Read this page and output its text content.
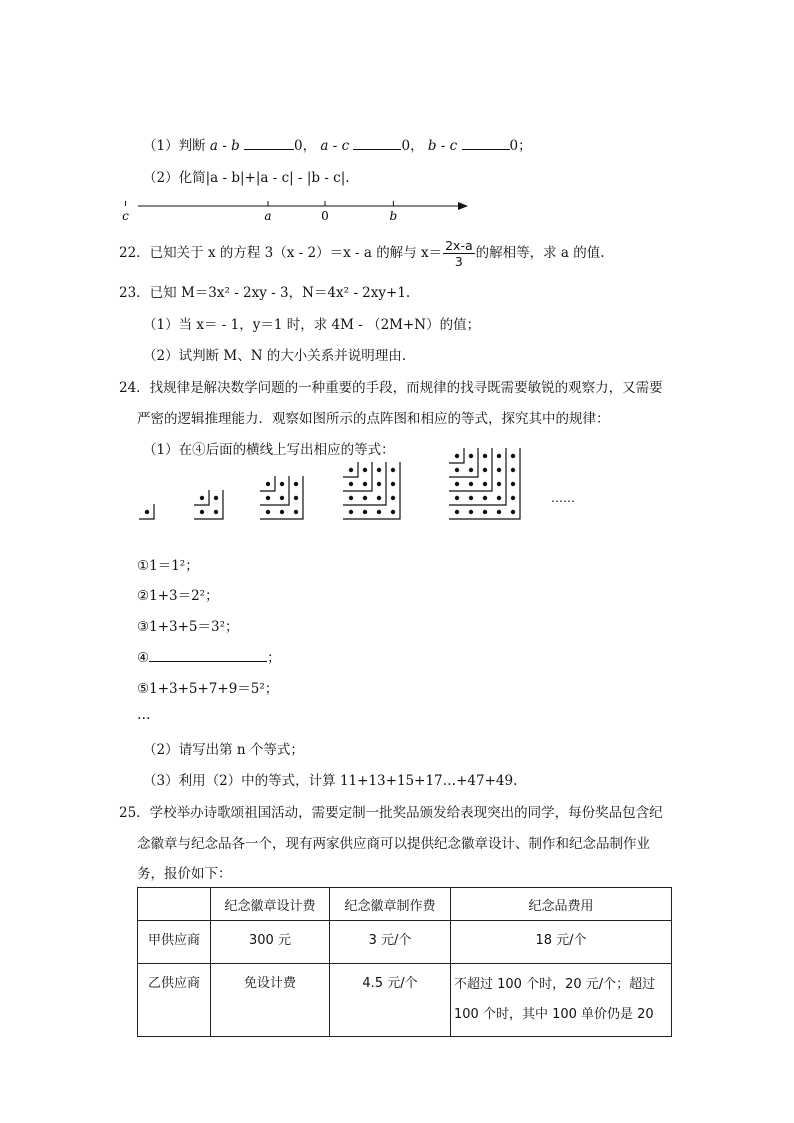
（1）判断 a - b	0， a - c	0， b - c	0；
（2）化简|a - b|+|a - c| - |b - c|.
c	a	0	b
22．已知关于 x 的方程 3（x - 2）＝x - a 的解与 $x= \frac{2x-a}{3}$ 的解相等，求 a 的值.
23．已知 M＝3x² - 2xy - 3，N＝4x² - 2xy+1.
（1）当 x＝ - 1，y＝1 时，求 4M - （2M+N）的值；
（2）试判断 M、N 的大小关系并说明理由.
24．找规律是解决数学问题的一种重要的手段，而规律的找寻既需要敏锐的观察力，又需要
严密的逻辑推理能力．观察如图所示的点阵图和相应的等式，探究其中的规律：
（1）在④后面的横线上写出相应的等式：
……
①1＝1²；
②1+3＝2²；
③1+3+5＝3²；
④	；
⑤1+3+5+7+9＝5²；
…
（2）请写出第 n 个等式；
（3）利用（2）中的等式，计算 11+13+15+17…+47+49.
25．学校举办诗歌颂祖国活动，需要定制一批奖品颁发给表现突出的同学，每份奖品包含纪
念徽章与纪念品各一个，现有两家供应商可以提供纪念徽章设计、制作和纪念品制作业
务，报价如下：
	纪念徽章设计费	纪念徽章制作费	纪念品费用
甲供应商	300 元	3 元/个	18 元/个
乙供应商	免设计费	4.5 元/个	不超过 100 个时，20 元/个；超过 100 个时，其中 100 单价仍是 20
